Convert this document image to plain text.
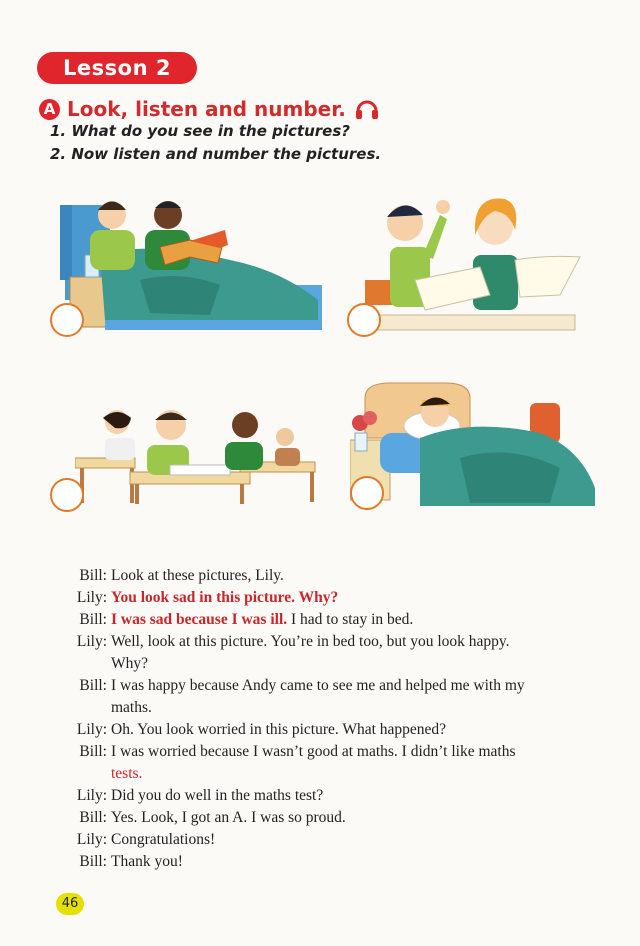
Lesson 2
A Look, listen and number.
1. What do you see in the pictures?
2. Now listen and number the pictures.
Bill: Look at these pictures, Lily.
Lily: You look sad in this picture. Why?
Bill: I was sad because I was ill. I had to stay in bed.
Lily: Well, look at this picture. You’re in bed too, but you look happy.
Why?
Bill: I was happy because Andy came to see me and helped me with my
maths.
Lily: Oh. You look worried in this picture. What happened?
Bill: I was worried because I wasn’t good at maths. I didn’t like maths
tests.
Lily: Did you do well in the maths test?
Bill: Yes. Look, I got an A. I was so proud.
Lily: Congratulations!
Bill: Thank you!
46
